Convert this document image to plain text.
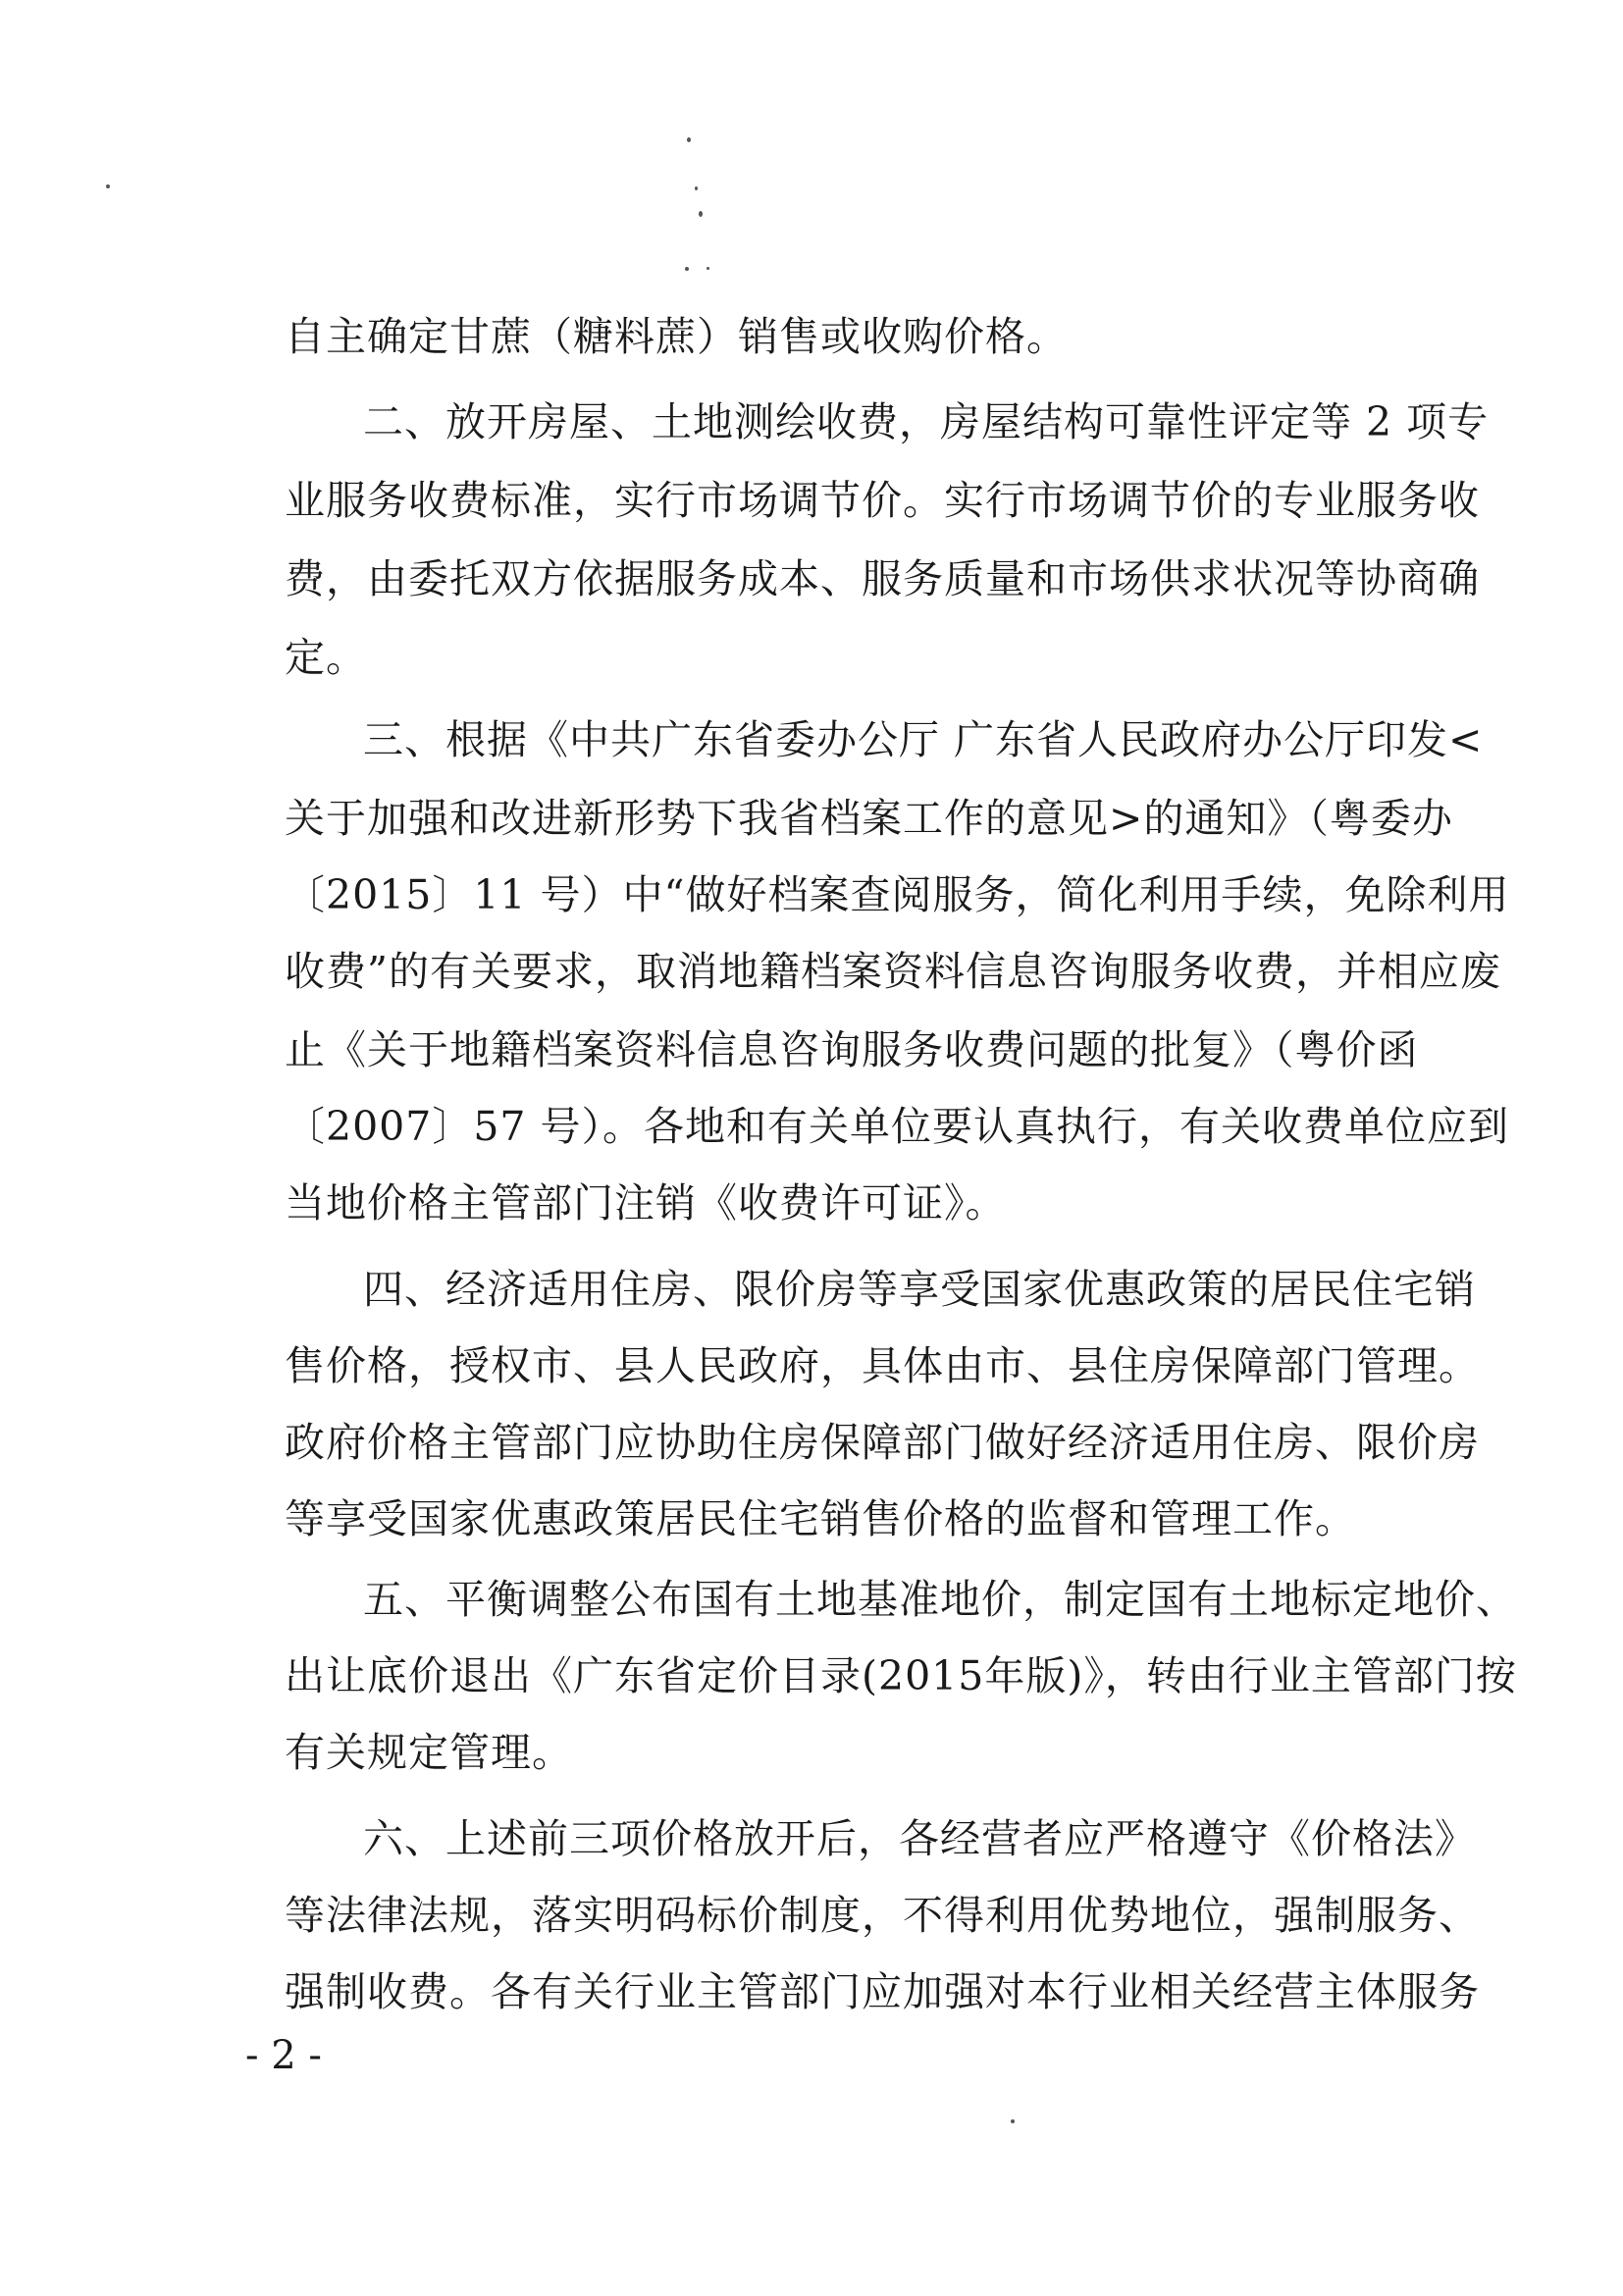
自主确定甘蔗（糖料蔗）销售或收购价格。
二、放开房屋、土地测绘收费，房屋结构可靠性评定等 2 项专
业服务收费标准，实行市场调节价。实行市场调节价的专业服务收
费，由委托双方依据服务成本、服务质量和市场供求状况等协商确
定。
三、根据《中共广东省委办公厅 广东省人民政府办公厅印发<
关于加强和改进新形势下我省档案工作的意见>的通知》（粤委办
〔2015〕11 号）中“做好档案查阅服务，简化利用手续，免除利用
收费”的有关要求，取消地籍档案资料信息咨询服务收费，并相应废
止《关于地籍档案资料信息咨询服务收费问题的批复》（粤价函
〔2007〕57 号）。各地和有关单位要认真执行，有关收费单位应到
当地价格主管部门注销《收费许可证》。
四、经济适用住房、限价房等享受国家优惠政策的居民住宅销
售价格，授权市、县人民政府，具体由市、县住房保障部门管理。
政府价格主管部门应协助住房保障部门做好经济适用住房、限价房
等享受国家优惠政策居民住宅销售价格的监督和管理工作。
五、平衡调整公布国有土地基准地价，制定国有土地标定地价、
出让底价退出《广东省定价目录(2015年版)》，转由行业主管部门按
有关规定管理。
六、上述前三项价格放开后，各经营者应严格遵守《价格法》
等法律法规，落实明码标价制度，不得利用优势地位，强制服务、
强制收费。各有关行业主管部门应加强对本行业相关经营主体服务
- 2 -
